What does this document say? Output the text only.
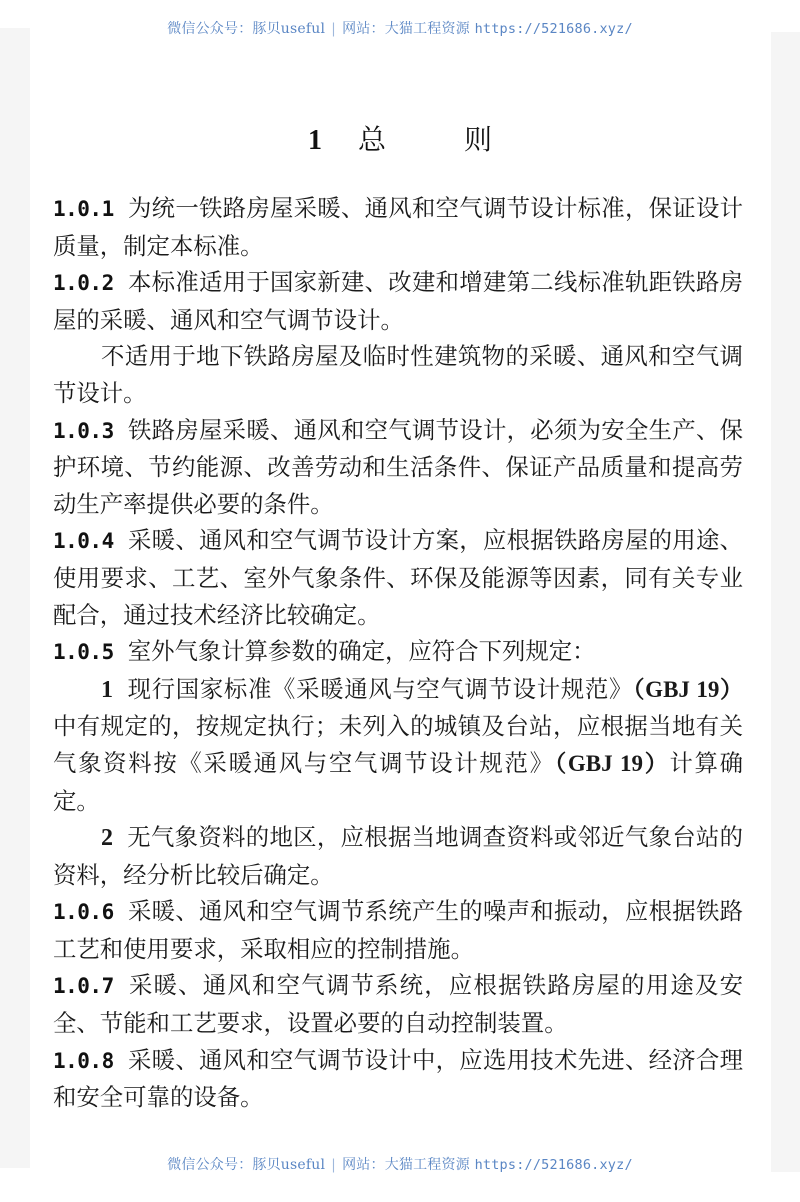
微信公众号：豚贝useful | 网站：大猫工程资源 https://521686.xyz/
1 总	则

1.0.1 为统一铁路房屋采暖、通风和空气调节设计标准，保证设计质量，制定本标准。

1.0.2 本标准适用于国家新建、改建和增建第二线标准轨距铁路房屋的采暖、通风和空气调节设计。

不适用于地下铁路房屋及临时性建筑物的采暖、通风和空气调节设计。

1.0.3 铁路房屋采暖、通风和空气调节设计，必须为安全生产、保护环境、节约能源、改善劳动和生活条件、保证产品质量和提高劳动生产率提供必要的条件。

1.0.4 采暖、通风和空气调节设计方案，应根据铁路房屋的用途、使用要求、工艺、室外气象条件、环保及能源等因素，同有关专业配合，通过技术经济比较确定。

1.0.5 室外气象计算参数的确定，应符合下列规定：

1 现行国家标准《采暖通风与空气调节设计规范》（GBJ 19）中有规定的，按规定执行；未列入的城镇及台站，应根据当地有关气象资料按《采暖通风与空气调节设计规范》（GBJ 19）计算确定。

2 无气象资料的地区，应根据当地调查资料或邻近气象台站的资料，经分析比较后确定。

1.0.6 采暖、通风和空气调节系统产生的噪声和振动，应根据铁路工艺和使用要求，采取相应的控制措施。

1.0.7 采暖、通风和空气调节系统，应根据铁路房屋的用途及安全、节能和工艺要求，设置必要的自动控制装置。

1.0.8 采暖、通风和空气调节设计中，应选用技术先进、经济合理和安全可靠的设备。

微信公众号：豚贝useful | 网站：大猫工程资源 https://521686.xyz/
